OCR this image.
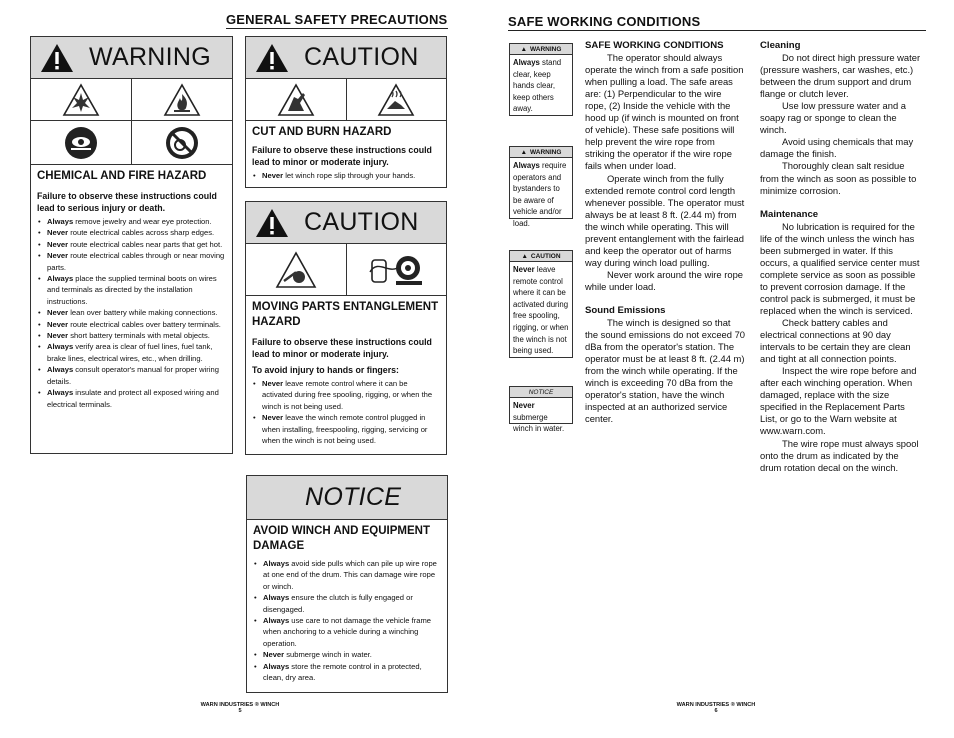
GENERAL SAFETY PRECAUTIONS
WARNING
CHEMICAL AND FIRE HAZARD
Failure to observe these instructions could lead to serious injury or death.
• Always remove jewelry and wear eye protection.
• Never route electrical cables across sharp edges.
• Never route electrical cables near parts that get hot.
• Never route electrical cables through or near moving parts.
• Always place the supplied terminal boots on wires and terminals as directed by the installation instructions.
• Never lean over battery while making connections.
• Never route electrical cables over battery terminals.
• Never short battery terminals with metal objects.
• Always verify area is clear of fuel lines, fuel tank, brake lines, electrical wires, etc., when drilling.
• Always consult operator's manual for proper wiring details.
• Always insulate and protect all exposed wiring and electrical terminals.
CAUTION
CUT AND BURN HAZARD
Failure to observe these instructions could lead to minor or moderate injury.
• Never let winch rope slip through your hands.
CAUTION
MOVING PARTS ENTANGLEMENT HAZARD
Failure to observe these instructions could lead to minor or moderate injury.
To avoid injury to hands or fingers:
• Never leave remote control where it can be activated during free spooling, rigging, or when the winch is not being used.
• Never leave the winch remote control plugged in when installing, freespooling, rigging, servicing or when the winch is not being used.
NOTICE
AVOID WINCH AND EQUIPMENT DAMAGE
• Always avoid side pulls which can pile up wire rope at one end of the drum. This can damage wire rope or winch.
• Always ensure the clutch is fully engaged or disengaged.
• Always use care to not damage the vehicle frame when anchoring to a vehicle during a winching operation.
• Never submerge winch in water.
• Always store the remote control in a protected, clean, dry area.
WARN INDUSTRIES ® WINCH
5
SAFE WORKING CONDITIONS
▲ WARNING
Always stand clear, keep hands clear, keep others away.
▲ WARNING
Always require operators and bystanders to be aware of vehicle and/or load.
▲ CAUTION
Never leave remote control where it can be activated during free spooling, rigging, or when the winch is not being used.
NOTICE
Never submerge winch in water.
SAFE WORKING CONDITIONS

The operator should always operate the winch from a safe position when pulling a load. The safe areas are: (1) Perpendicular to the wire rope, (2) Inside the vehicle with the hood up (if winch is mounted on front of vehicle). These safe positions will help prevent the wire rope from striking the operator if the wire rope fails when under load.

Operate winch from the fully extended remote control cord length whenever possible. The operator must always be at least 8 ft. (2.44 m) from the winch while operating. This will prevent entanglement with the fairlead and keep the operator out of harms way during winch load pulling.

Never work around the wire rope while under load.

Sound Emissions

The winch is designed so that the sound emissions do not exceed 70 dBa from the operator's station. The operator must be at least 8 ft. (2.44 m) from the winch while operating. If the winch is exceeding 70 dBa from the operator's station, have the winch inspected at an authorized service center.

Cleaning

Do not direct high pressure water (pressure washers, car washes, etc.) between the drum support and drum flange or clutch lever.

Use low pressure water and a soapy rag or sponge to clean the winch.

Avoid using chemicals that may damage the finish.

Thoroughly clean salt residue from the winch as soon as possible to minimize corrosion.

Maintenance

No lubrication is required for the life of the winch unless the winch has been submerged in water. If this occurs, a qualified service center must complete service as soon as possible to prevent corrosion damage. If the control pack is submerged, it must be replaced when the winch is serviced.

Check battery cables and electrical connections at 90 day intervals to be certain they are clean and tight at all connection points.

Inspect the wire rope before and after each winching operation. When damaged, replace with the size specified in the Replacement Parts List, or go to the Warn website at www.warn.com.

The wire rope must always spool onto the drum as indicated by the drum rotation decal on the winch.

WARN INDUSTRIES ® WINCH
6
